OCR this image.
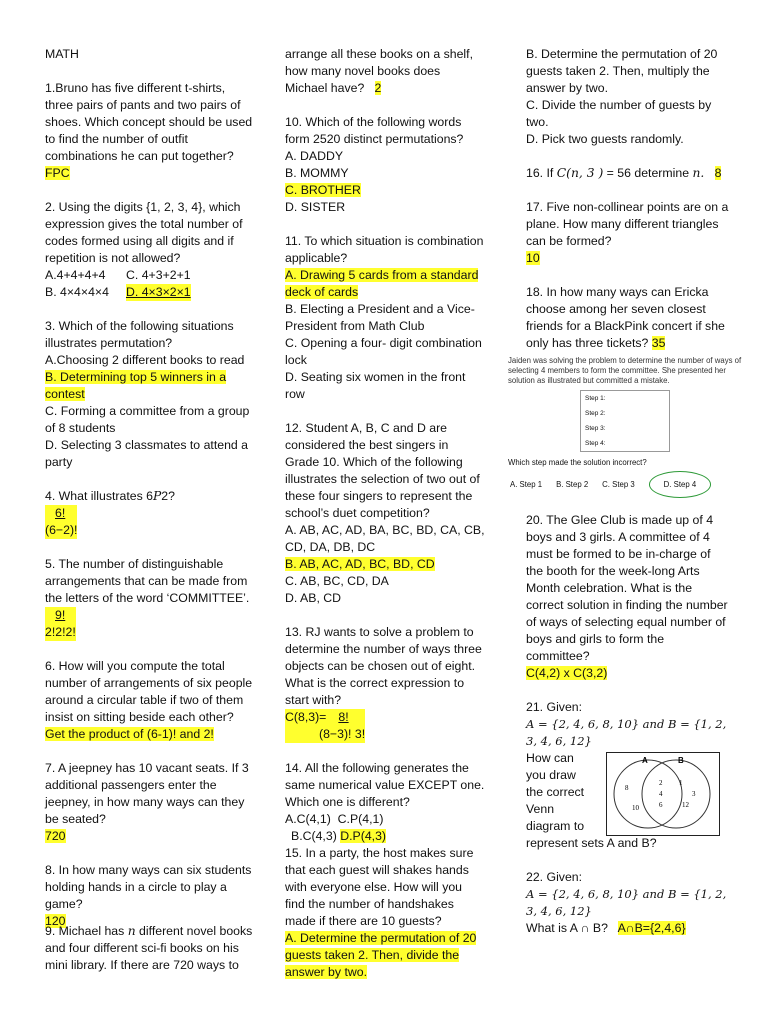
MATH

1.Bruno has five different t-shirts, three pairs of pants and two pairs of shoes. Which concept should be used to find the number of outfit combinations he can put together?

FPC

2. Using the digits {1, 2, 3, 4}, which expression gives the total number of codes formed using all digits and if repetition is not allowed?

A.4+4+4+4	C. 4+3+2+1
B. 4×4×4×4	D. 4×3×2×1

3. Which of the following situations illustrates permutation?

A.Choosing 2 different books to read

B. Determining top 5 winners in a contest

C. Forming a committee from a group of 8 students

D. Selecting 3 classmates to attend a party

4. What illustrates 6P2?

$\frac{6!}{(6-2)!}$

5. The number of distinguishable arrangements that can be made from the letters of the word ‘COMMITTEE’.

$\frac{9!}{2!2!2!}$

6. How will you compute the total number of arrangements of six people around a circular table if two of them insist on sitting beside each other?

Get the product of (6-1)! and 2!

7. A jeepney has 10 vacant seats. If 3 additional passengers enter the jeepney, in how many ways can they be seated?

720

8. In how many ways can six students holding hands in a circle to play a game?

120

9. Michael has n different novel books and four different sci-fi books on his mini library. If there are 720 ways to

arrange all these books on a shelf, how many novel books does Michael have?   2

10. Which of the following words form 2520 distinct permutations?

A. DADDY

B. MOMMY

C. BROTHER

D. SISTER

11. To which situation is combination applicable?

A. Drawing 5 cards from a standard deck of cards

B. Electing a President and a Vice-President from Math Club

C. Opening a four- digit combination lock

D. Seating six women in the front row

12. Student A, B, C and D are considered the best singers in Grade 10. Which of the following illustrates the selection of two out of these four singers to represent the school’s duet competition?

A. AB, AC, AD, BA, BC, BD, CA, CB, CD, DA, DB, DC

B. AB, AC, AD, BC, BD, CD

C. AB, BC, CD, DA

D. AB, CD

13. RJ wants to solve a problem to determine the number of ways three objects can be chosen out of eight. What is the correct expression to start with?

C(8,3)= 8!
(8−3)! 3!

14. All the following generates the same numerical value EXCEPT one. Which one is different?

A.C(4,1) C.P(4,1)

B.C(4,3) D.P(4,3)

15. In a party, the host makes sure that each guest will shakes hands with everyone else. How will you find the number of handshakes made if there are 10 guests?

A. Determine the permutation of 20 guests taken 2. Then, divide the answer by two.

B. Determine the permutation of 20 guests taken 2. Then, multiply the answer by two.

C. Divide the number of guests by two.

D. Pick two guests randomly.

16. If C(n, 3 ) = 56 determine n. 8

17. Five non-collinear points are on a plane. How many different triangles can be formed?

10

18. In how many ways can Ericka choose among her seven closest friends for a BlackPink concert if she only has three tickets? 35

Jaiden was solving the problem to determine the number of ways of selecting 4 members to form the committee. She presented her solution as illustrated but committed a mistake.
Step 1:
Step 2:
Step 3:
Step 4:
Which step made the solution incorrect?
A. Step 1 B. Step 2 C. Step 3	D. Step 4

20. The Glee Club is made up of 4 boys and 3 girls. A committee of 4 must be formed to be in-charge of the booth for the week-long Arts Month celebration. What is the correct solution in finding the number of ways of selecting equal number of boys and girls to form the committee?

C(4,2) x C(3,2)

21. Given:

A = {2, 4, 6, 8, 10} and B = {1, 2, 3, 4, 6, 12}

How can

you draw

the correct

Venn

diagram to

represent sets A and B?

A	B
8
10
2
4
6
1
3
12

22. Given:

A = {2, 4, 6, 8, 10} and B = {1, 2, 3, 4, 6, 12}

What is A ∩ B? A∩B={2,4,6}
